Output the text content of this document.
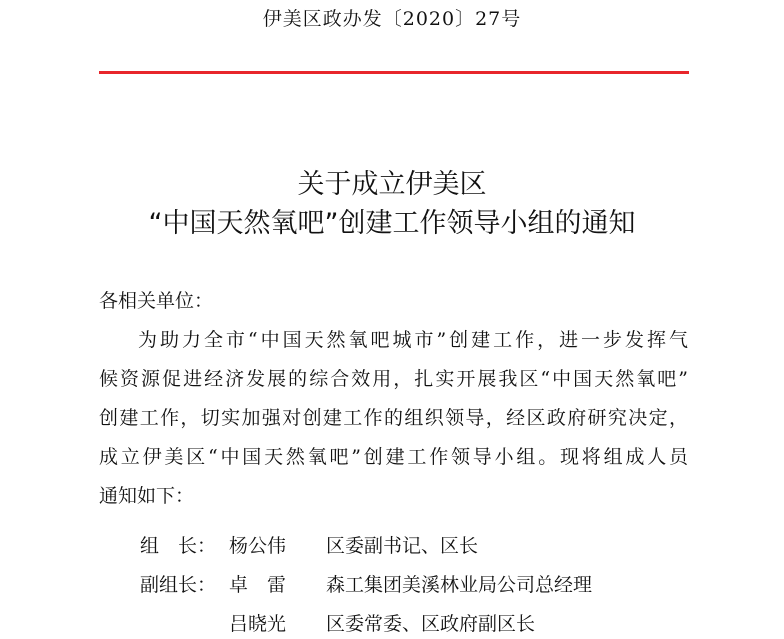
伊美区政办发〔2020〕27号
关于成立伊美区
“中国天然氧吧”创建工作领导小组的通知
各相关单位：
为助力全市“中国天然氧吧城市”创建工作，进一步发挥气
候资源促进经济发展的综合效用，扎实开展我区“中国天然氧吧”
创建工作，切实加强对创建工作的组织领导，经区政府研究决定，
成立伊美区“中国天然氧吧”创建工作领导小组。现将组成人员
通知如下：
组　长： 杨公伟 区委副书记、区长
副组长： 卓　雷 森工集团美溪林业局公司总经理
吕晓光 区委常委、区政府副区长
